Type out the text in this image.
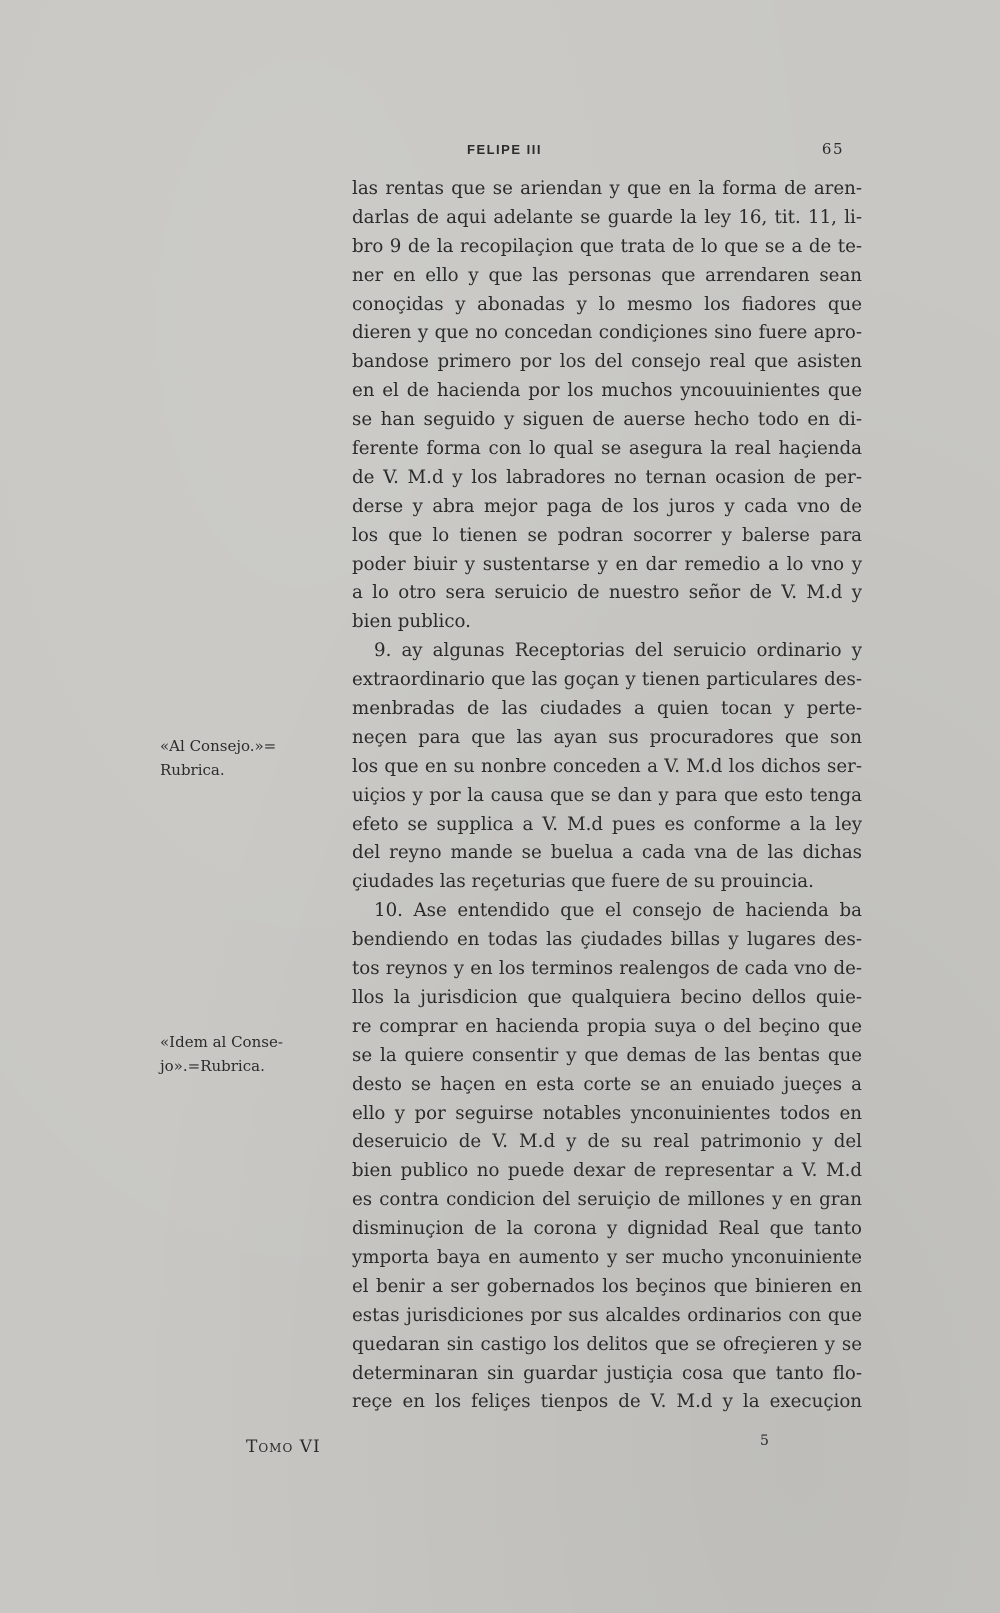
FELIPE III	65
las rentas que se ariendan y que en la forma de aren-
darlas de aqui adelante se guarde la ley 16, tit. 11, li-
bro 9 de la recopilaçion que trata de lo que se a de te-
ner en ello y que las personas que arrendaren sean
conoçidas y abonadas y lo mesmo los fiadores que
dieren y que no concedan condiçiones sino fuere apro-
bandose primero por los del consejo real que asisten
en el de hacienda por los muchos yncouuinientes que
se han seguido y siguen de auerse hecho todo en di-
ferente forma con lo qual se asegura la real haçienda
de V. M.d y los labradores no ternan ocasion de per-
derse y abra mejor paga de los juros y cada vno de
los que lo tienen se podran socorrer y balerse para
poder biuir y sustentarse y en dar remedio a lo vno y
a lo otro sera seruicio de nuestro señor de V. M.d y
bien publico.
9. ay algunas Receptorias del seruicio ordinario y
extraordinario que las goçan y tienen particulares des-
menbradas de las ciudades a quien tocan y perte-
neçen para que las ayan sus procuradores que son
los que en su nonbre conceden a V. M.d los dichos ser-
uiçios y por la causa que se dan y para que esto tenga
efeto se supplica a V. M.d pues es conforme a la ley
del reyno mande se buelua a cada vna de las dichas
çiudades las reçeturias que fuere de su prouincia.
10. Ase entendido que el consejo de hacienda ba
bendiendo en todas las çiudades billas y lugares des-
tos reynos y en los terminos realengos de cada vno de-
llos la jurisdicion que qualquiera becino dellos quie-
re comprar en hacienda propia suya o del beçino que
se la quiere consentir y que demas de las bentas que
desto se haçen en esta corte se an enuiado jueçes a
ello y por seguirse notables ynconuinientes todos en
deseruicio de V. M.d y de su real patrimonio y del
bien publico no puede dexar de representar a V. M.d
es contra condicion del seruiçio de millones y en gran
disminuçion de la corona y dignidad Real que tanto
ymporta baya en aumento y ser mucho ynconuiniente
el benir a ser gobernados los beçinos que binieren en
estas jurisdiciones por sus alcaldes ordinarios con que
quedaran sin castigo los delitos que se ofreçieren y se
determinaran sin guardar justiçia cosa que tanto flo-
reçe en los feliçes tienpos de V. M.d y la execuçion
«Al Consejo.»=
Rubrica.
«Idem al Conse-
jo».=Rubrica.
Tomo VI	5
